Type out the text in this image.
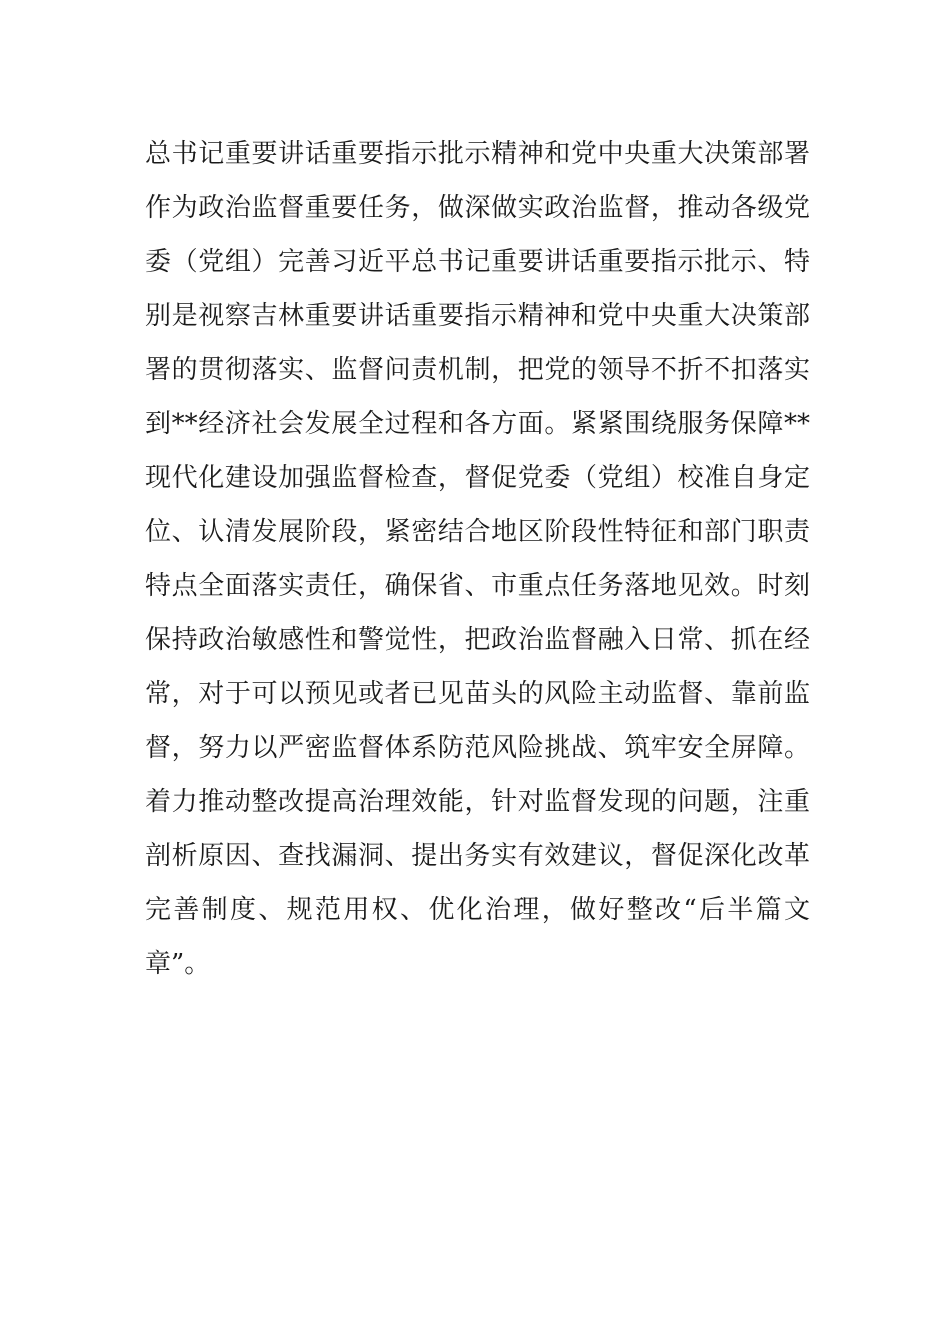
总书记重要讲话重要指示批示精神和党中央重大决策部署
作为政治监督重要任务，做深做实政治监督，推动各级党
委（党组）完善习近平总书记重要讲话重要指示批示、特
别是视察吉林重要讲话重要指示精神和党中央重大决策部
署的贯彻落实、监督问责机制，把党的领导不折不扣落实
到**经济社会发展全过程和各方面。紧紧围绕服务保障**
现代化建设加强监督检查，督促党委（党组）校准自身定
位、认清发展阶段，紧密结合地区阶段性特征和部门职责
特点全面落实责任，确保省、市重点任务落地见效。时刻
保持政治敏感性和警觉性，把政治监督融入日常、抓在经
常，对于可以预见或者已见苗头的风险主动监督、靠前监
督，努力以严密监督体系防范风险挑战、筑牢安全屏障。
着力推动整改提高治理效能，针对监督发现的问题，注重
剖析原因、查找漏洞、提出务实有效建议，督促深化改革
完善制度、规范用权、优化治理，做好整改“后半篇文
章”。
